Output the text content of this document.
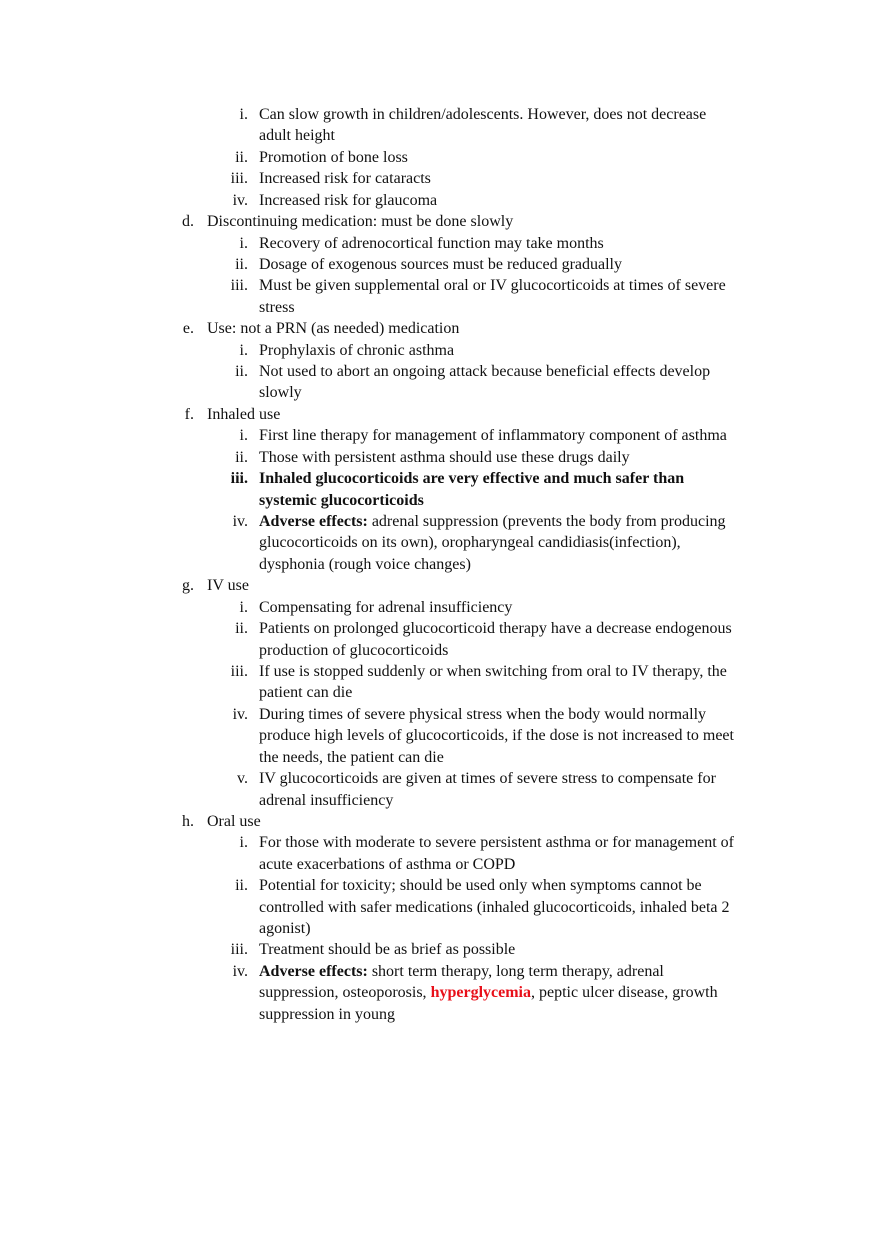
i. Can slow growth in children/adolescents. However, does not decrease
adult height
ii. Promotion of bone loss
iii. Increased risk for cataracts
iv. Increased risk for glaucoma
d. Discontinuing medication: must be done slowly
i. Recovery of adrenocortical function may take months
ii. Dosage of exogenous sources must be reduced gradually
iii. Must be given supplemental oral or IV glucocorticoids at times of severe
stress
e. Use: not a PRN (as needed) medication
i. Prophylaxis of chronic asthma
ii. Not used to abort an ongoing attack because beneficial effects develop
slowly
f. Inhaled use
i. First line therapy for management of inflammatory component of asthma
ii. Those with persistent asthma should use these drugs daily
iii. Inhaled glucocorticoids are very effective and much safer than
systemic glucocorticoids
iv. Adverse effects: adrenal suppression (prevents the body from producing
glucocorticoids on its own), oropharyngeal candidiasis(infection),
dysphonia (rough voice changes)
g. IV use
i. Compensating for adrenal insufficiency
ii. Patients on prolonged glucocorticoid therapy have a decrease endogenous
production of glucocorticoids
iii. If use is stopped suddenly or when switching from oral to IV therapy, the
patient can die
iv. During times of severe physical stress when the body would normally
produce high levels of glucocorticoids, if the dose is not increased to meet
the needs, the patient can die
v. IV glucocorticoids are given at times of severe stress to compensate for
adrenal insufficiency
h. Oral use
i. For those with moderate to severe persistent asthma or for management of
acute exacerbations of asthma or COPD
ii. Potential for toxicity; should be used only when symptoms cannot be
controlled with safer medications (inhaled glucocorticoids, inhaled beta 2
agonist)
iii. Treatment should be as brief as possible
iv. Adverse effects: short term therapy, long term therapy, adrenal
suppression, osteoporosis, hyperglycemia, peptic ulcer disease, growth
suppression in young
